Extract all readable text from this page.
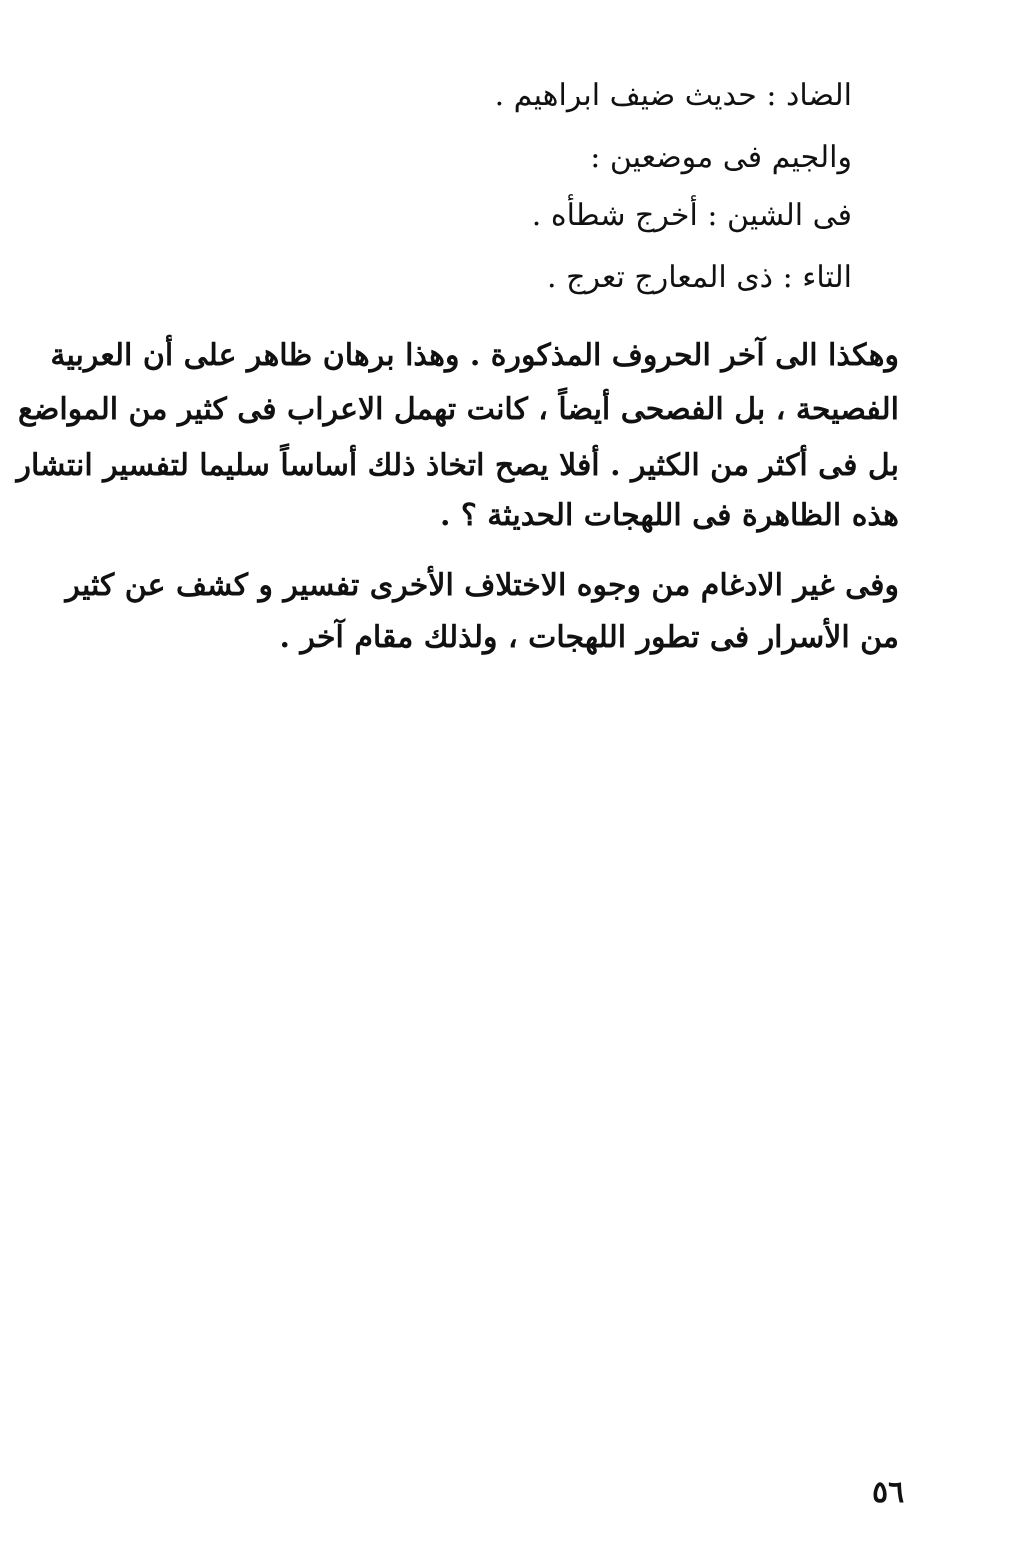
الضاد : حديث ضيف ابراهيم .
والجيم فى موضعين :
فى الشين : أخرج شطأه .
التاء : ذى المعارج تعرج .
وهكذا الى آخر الحروف المذكورة . وهذا برهان ظاهر على أن العربية
الفصيحة ، بل الفصحى أيضاً ، كانت تهمل الاعراب فى كثير من المواضع
بل فى أكثر من الكثير . أفلا يصح اتخاذ ذلك أساساً سليما لتفسير انتشار
هذه الظاهرة فى اللهجات الحديثة ؟ .
وفى غير الادغام من وجوه الاختلاف الأخرى تفسير و كشف عن كثير
من الأسرار فى تطور اللهجات ، ولذلك مقام آخر .
٥٦
